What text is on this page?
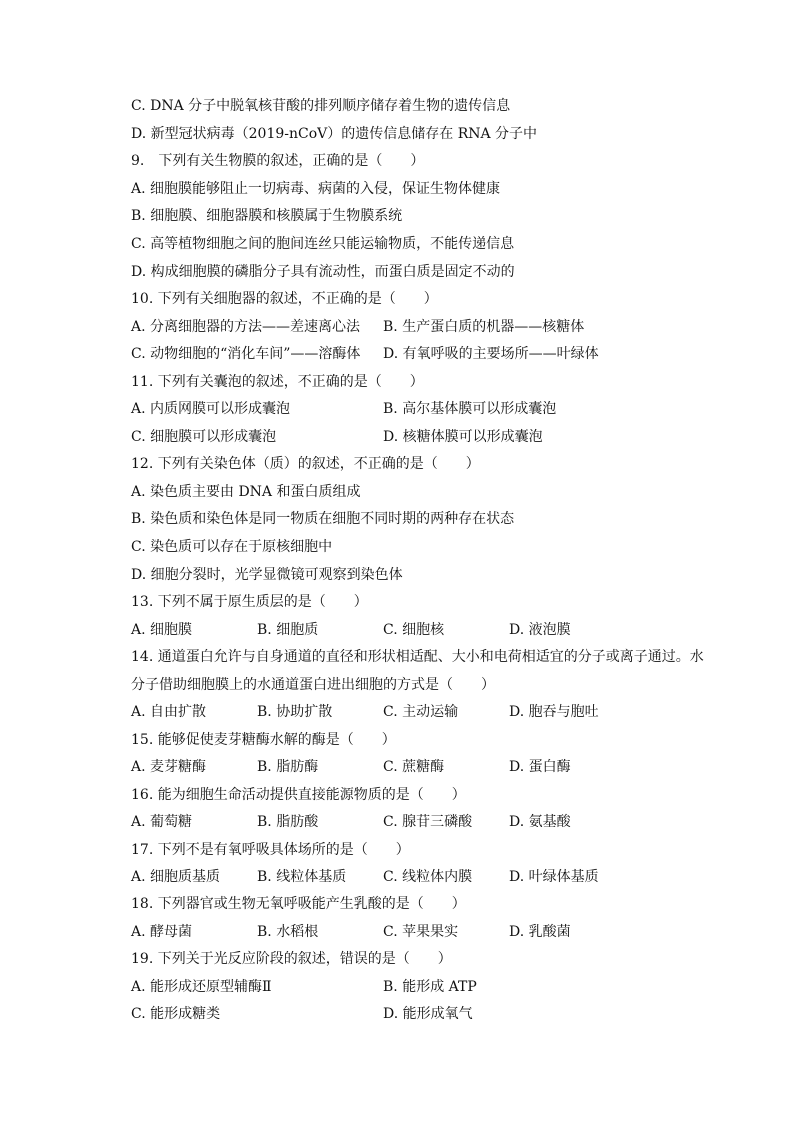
C. DNA 分子中脱氧核苷酸的排列顺序储存着生物的遗传信息
D. 新型冠状病毒（2019-nCoV）的遗传信息储存在 RNA 分子中
9.　下列有关生物膜的叙述，正确的是（　　）
A. 细胞膜能够阻止一切病毒、病菌的入侵，保证生物体健康
B. 细胞膜、细胞器膜和核膜属于生物膜系统
C. 高等植物细胞之间的胞间连丝只能运输物质，不能传递信息
D. 构成细胞膜的磷脂分子具有流动性，而蛋白质是固定不动的
10. 下列有关细胞器的叙述，不正确的是（　　）
A. 分离细胞器的方法——差速离心法	B. 生产蛋白质的机器——核糖体
C. 动物细胞的“消化车间”——溶酶体	D. 有氧呼吸的主要场所——叶绿体
11. 下列有关囊泡的叙述，不正确的是（　　）
A. 内质网膜可以形成囊泡	B. 高尔基体膜可以形成囊泡
C. 细胞膜可以形成囊泡	D. 核糖体膜可以形成囊泡
12. 下列有关染色体（质）的叙述，不正确的是（　　）
A. 染色质主要由 DNA 和蛋白质组成
B. 染色质和染色体是同一物质在细胞不同时期的两种存在状态
C. 染色质可以存在于原核细胞中
D. 细胞分裂时，光学显微镜可观察到染色体
13. 下列不属于原生质层的是（　　）
A. 细胞膜	B. 细胞质	C. 细胞核	D. 液泡膜
14. 通道蛋白允许与自身通道的直径和形状相适配、大小和电荷相适宜的分子或离子通过。水
分子借助细胞膜上的水通道蛋白进出细胞的方式是（　　）
A. 自由扩散	B. 协助扩散	C. 主动运输	D. 胞吞与胞吐
15. 能够促使麦芽糖酶水解的酶是（　　）
A. 麦芽糖酶	B. 脂肪酶	C. 蔗糖酶	D. 蛋白酶
16. 能为细胞生命活动提供直接能源物质的是（　　）
A. 葡萄糖	B. 脂肪酸	C. 腺苷三磷酸	D. 氨基酸
17. 下列不是有氧呼吸具体场所的是（　　）
A. 细胞质基质	B. 线粒体基质	C. 线粒体内膜	D. 叶绿体基质
18. 下列器官或生物无氧呼吸能产生乳酸的是（　　）
A. 酵母菌	B. 水稻根	C. 苹果果实	D. 乳酸菌
19. 下列关于光反应阶段的叙述，错误的是（　　）
A. 能形成还原型辅酶Ⅱ	B. 能形成 ATP
C. 能形成糖类	D. 能形成氧气
